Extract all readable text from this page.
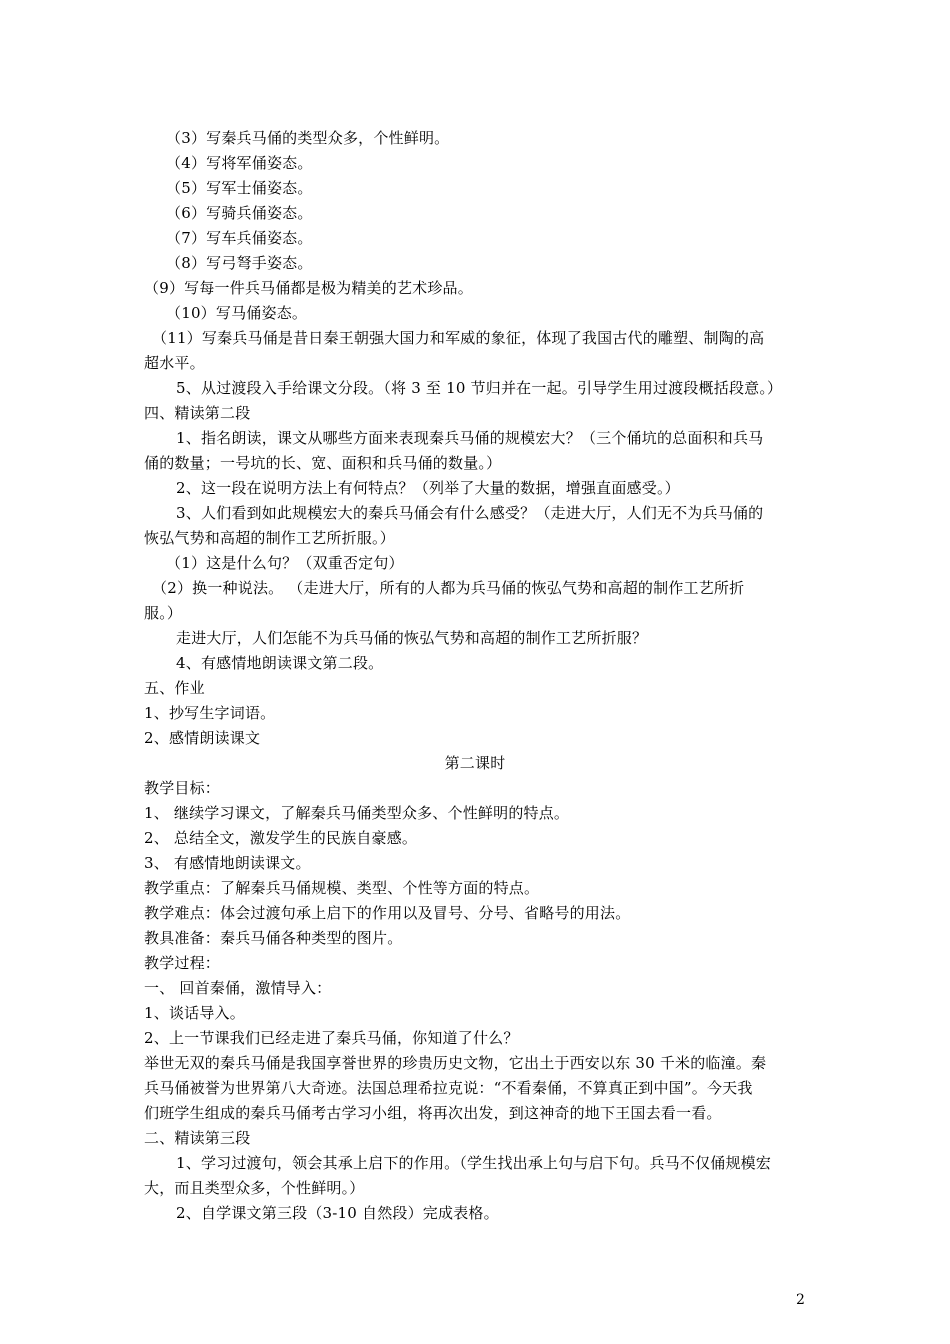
（3）写秦兵马俑的类型众多，个性鲜明。
（4）写将军俑姿态。
（5）写军士俑姿态。
（6）写骑兵俑姿态。
（7）写车兵俑姿态。
（8）写弓弩手姿态。
（9）写每一件兵马俑都是极为精美的艺术珍品。
（10）写马俑姿态。
（11）写秦兵马俑是昔日秦王朝强大国力和军威的象征，体现了我国古代的雕塑、制陶的高
超水平。
5、从过渡段入手给课文分段。（将 3 至 10 节归并在一起。引导学生用过渡段概括段意。）
四、精读第二段
1、指名朗读，课文从哪些方面来表现秦兵马俑的规模宏大？（三个俑坑的总面积和兵马
俑的数量；一号坑的长、宽、面积和兵马俑的数量。）
2、这一段在说明方法上有何特点？（列举了大量的数据，增强直面感受。）
3、人们看到如此规模宏大的秦兵马俑会有什么感受？（走进大厅，人们无不为兵马俑的
恢弘气势和高超的制作工艺所折服。）
（1）这是什么句？（双重否定句）
（2）换一种说法。 （走进大厅，所有的人都为兵马俑的恢弘气势和高超的制作工艺所折
服。）
走进大厅，人们怎能不为兵马俑的恢弘气势和高超的制作工艺所折服？
4、有感情地朗读课文第二段。
五、作业
1、抄写生字词语。
2、感情朗读课文
第二课时
教学目标：
1、 继续学习课文，了解秦兵马俑类型众多、个性鲜明的特点。
2、 总结全文，激发学生的民族自豪感。
3、 有感情地朗读课文。
教学重点：了解秦兵马俑规模、类型、个性等方面的特点。
教学难点：体会过渡句承上启下的作用以及冒号、分号、省略号的用法。
教具准备：秦兵马俑各种类型的图片。
教学过程：
一、 回首秦俑，激情导入：
1、谈话导入。
2、上一节课我们已经走进了秦兵马俑，你知道了什么？
举世无双的秦兵马俑是我国享誉世界的珍贵历史文物，它出土于西安以东 30 千米的临潼。秦
兵马俑被誉为世界第八大奇迹。法国总理希拉克说：“不看秦俑，不算真正到中国”。今天我
们班学生组成的秦兵马俑考古学习小组，将再次出发，到这神奇的地下王国去看一看。
二、精读第三段
1、学习过渡句，领会其承上启下的作用。（学生找出承上句与启下句。兵马不仅俑规模宏
大，而且类型众多，个性鲜明。）
2、自学课文第三段（3-10 自然段）完成表格。
2
